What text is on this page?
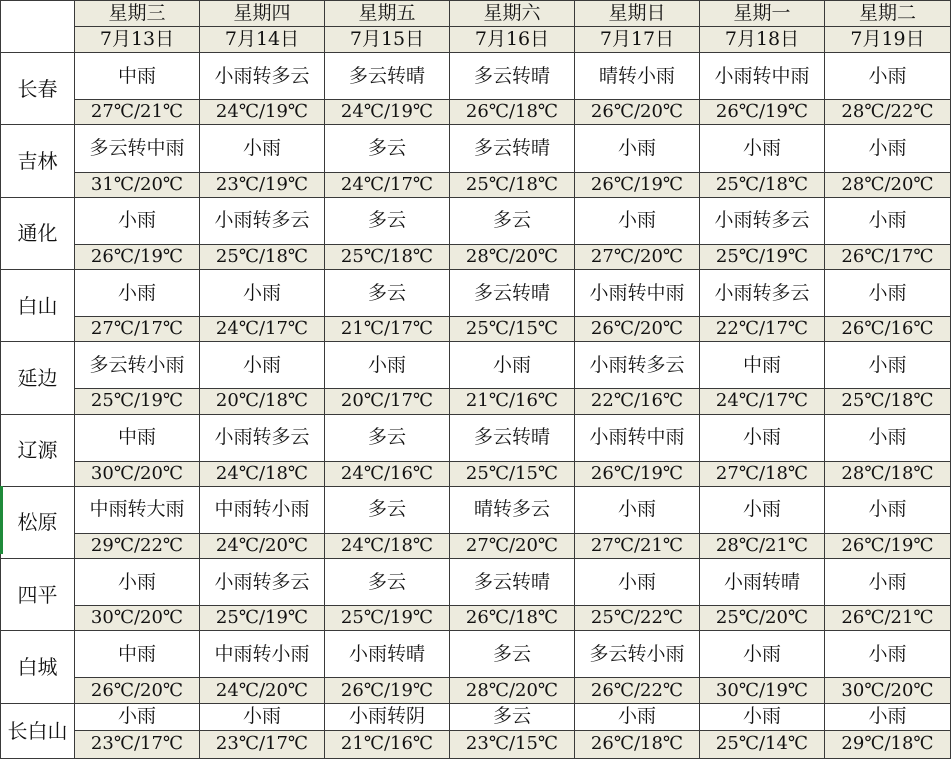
	星期三	星期四	星期五	星期六	星期日	星期一	星期二
	7月13日	7月14日	7月15日	7月16日	7月17日	7月18日	7月19日
长春	中雨	小雨转多云	多云转晴	多云转晴	晴转小雨	小雨转中雨	小雨
	27℃/21℃	24℃/19℃	24℃/19℃	26℃/18℃	26℃/20℃	26℃/19℃	28℃/22℃
吉林	多云转中雨	小雨	多云	多云转晴	小雨	小雨	小雨
	31℃/20℃	23℃/19℃	24℃/17℃	25℃/18℃	26℃/19℃	25℃/18℃	28℃/20℃
通化	小雨	小雨转多云	多云	多云	小雨	小雨转多云	小雨
	26℃/19℃	25℃/18℃	25℃/18℃	28℃/20℃	27℃/20℃	25℃/19℃	26℃/17℃
白山	小雨	小雨	多云	多云转晴	小雨转中雨	小雨转多云	小雨
	27℃/17℃	24℃/17℃	21℃/17℃	25℃/15℃	26℃/20℃	22℃/17℃	26℃/16℃
延边	多云转小雨	小雨	小雨	小雨	小雨转多云	中雨	小雨
	25℃/19℃	20℃/18℃	20℃/17℃	21℃/16℃	22℃/16℃	24℃/17℃	25℃/18℃
辽源	中雨	小雨转多云	多云	多云转晴	小雨转中雨	小雨	小雨
	30℃/20℃	24℃/18℃	24℃/16℃	25℃/15℃	26℃/19℃	27℃/18℃	28℃/18℃
松原	中雨转大雨	中雨转小雨	多云	晴转多云	小雨	小雨	小雨
	29℃/22℃	24℃/20℃	24℃/18℃	27℃/20℃	27℃/21℃	28℃/21℃	26℃/19℃
四平	小雨	小雨转多云	多云	多云转晴	小雨	小雨转晴	小雨
	30℃/20℃	25℃/19℃	25℃/19℃	26℃/18℃	25℃/22℃	25℃/20℃	26℃/21℃
白城	中雨	中雨转小雨	小雨转晴	多云	多云转小雨	小雨	小雨
	26℃/20℃	24℃/20℃	26℃/19℃	28℃/20℃	26℃/22℃	30℃/19℃	30℃/20℃
长白山	小雨	小雨	小雨转阴	多云	小雨	小雨	小雨
	23℃/17℃	23℃/17℃	21℃/16℃	23℃/15℃	26℃/18℃	25℃/14℃	29℃/18℃
